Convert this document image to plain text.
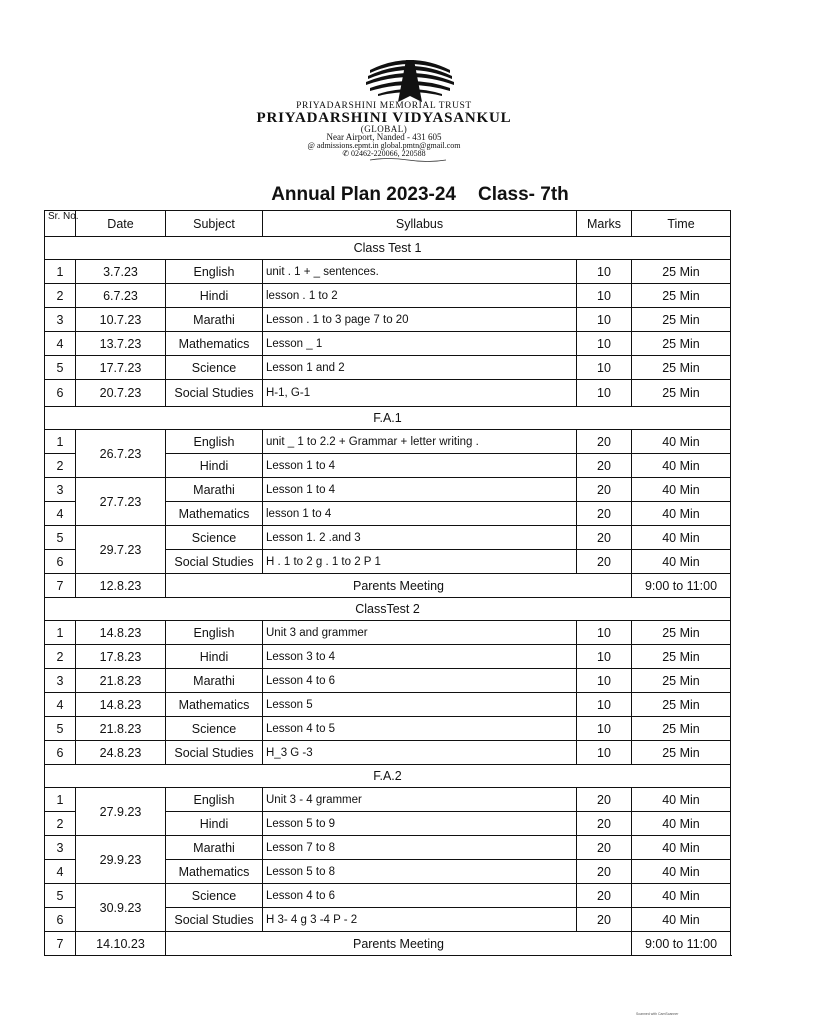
PRIYADARSHINI MEMORIAL TRUST
PRIYADARSHINI VIDYASANKUL
(GLOBAL)
Near Airport, Nanded - 431 605
@ admissions.epmt.in global.pmtn@gmail.com
✆ 02462-220066, 220588
Annual Plan 2023-24 Class- 7th
Sr. No.	Date	Subject	Syllabus	Marks	Time
Class Test 1					
1	3.7.23	English	unit . 1 + _ sentences.	10	25 Min
2	6.7.23	Hindi	lesson . 1 to 2	10	25 Min
3	10.7.23	Marathi	Lesson . 1 to 3 page 7 to 20	10	25 Min
4	13.7.23	Mathematics	Lesson _ 1	10	25 Min
5	17.7.23	Science	Lesson 1 and 2	10	25 Min
6	20.7.23	Social Studies	H-1, G-1	10	25 Min
F.A.1					
1	26.7.23	English	unit _ 1 to 2.2 + Grammar + letter writing .	20	40 Min
2		Hindi	Lesson 1 to 4	20	40 Min
3	27.7.23	Marathi	Lesson 1 to 4	20	40 Min
4		Mathematics	lesson 1 to 4	20	40 Min
5	29.7.23	Science	Lesson 1. 2 .and 3	20	40 Min
6		Social Studies	H . 1 to 2 g . 1 to 2 P 1	20	40 Min
7	12.8.23	Parents Meeting			9:00 to 11:00
ClassTest 2					
1	14.8.23	English	Unit 3 and grammer	10	25 Min
2	17.8.23	Hindi	Lesson 3 to 4	10	25 Min
3	21.8.23	Marathi	Lesson 4 to 6	10	25 Min
4	14.8.23	Mathematics	Lesson 5	10	25 Min
5	21.8.23	Science	Lesson 4 to 5	10	25 Min
6	24.8.23	Social Studies	H_3 G -3	10	25 Min
F.A.2					
1	27.9.23	English	Unit 3 - 4 grammer	20	40 Min
2		Hindi	Lesson 5 to 9	20	40 Min
3	29.9.23	Marathi	Lesson 7 to 8	20	40 Min
4		Mathematics	Lesson 5 to 8	20	40 Min
5	30.9.23	Science	Lesson 4 to 6	20	40 Min
6		Social Studies	H 3- 4 g 3 -4 P - 2	20	40 Min
7	14.10.23	Parents Meeting			9:00 to 11:00
Scanned with CamScanner
